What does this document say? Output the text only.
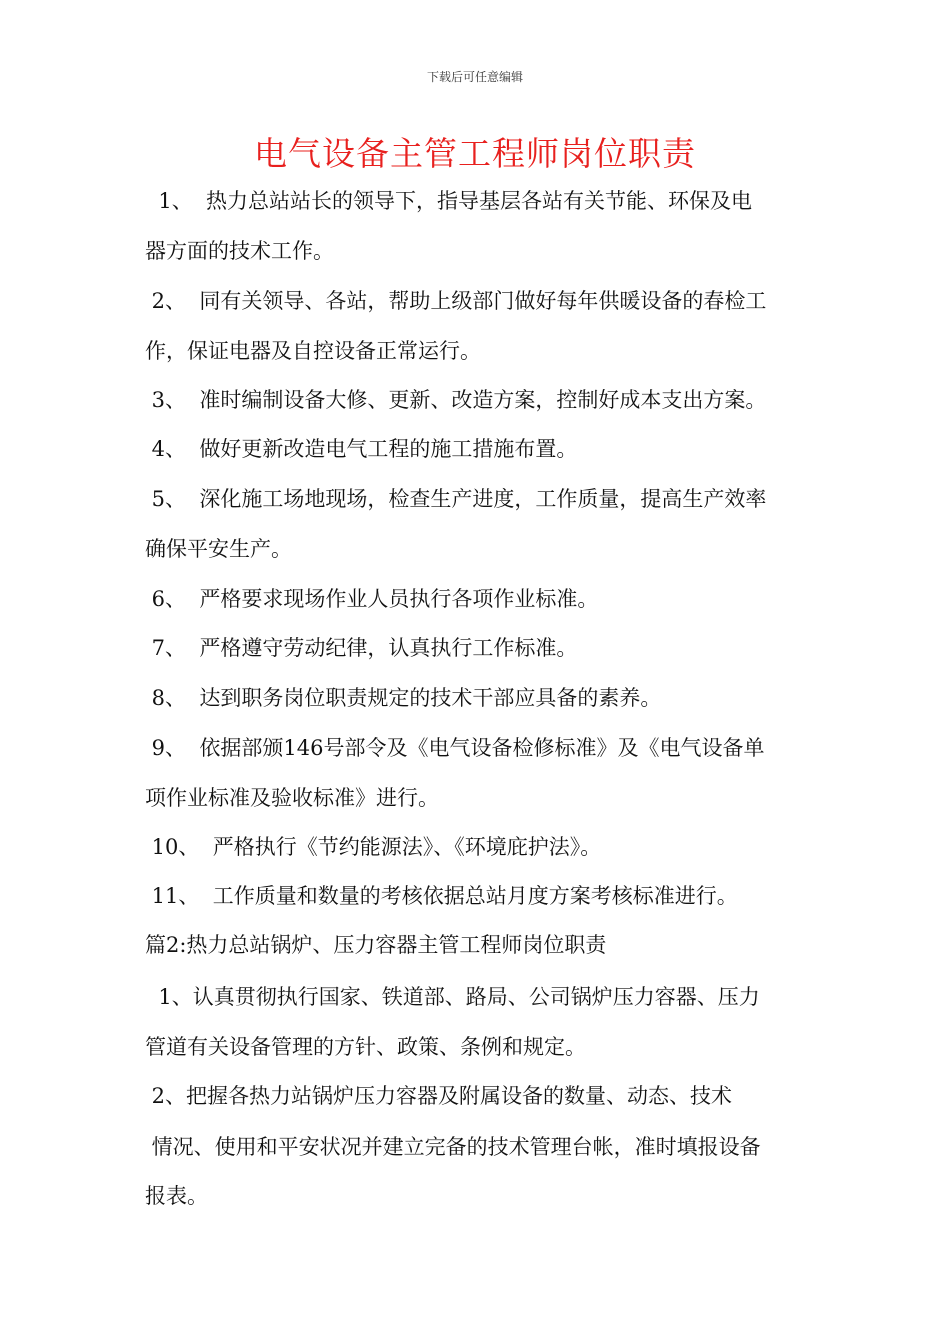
下载后可任意编辑
电气设备主管工程师岗位职责
1、  热力总站站长的领导下，指导基层各站有关节能、环保及电
器方面的技术工作。
2、  同有关领导、各站，帮助上级部门做好每年供暖设备的春检工
作，保证电器及自控设备正常运行。
3、  准时编制设备大修、更新、改造方案，控制好成本支出方案。
4、  做好更新改造电气工程的施工措施布置。
5、  深化施工场地现场，检查生产进度，工作质量，提高生产效率
确保平安生产。
6、  严格要求现场作业人员执行各项作业标准。
7、  严格遵守劳动纪律，认真执行工作标准。
8、  达到职务岗位职责规定的技术干部应具备的素养。
9、  依据部颁146号部令及《电气设备检修标准》及《电气设备单
项作业标准及验收标准》进行。
10、  严格执行《节约能源法》、《环境庇护法》。
11、  工作质量和数量的考核依据总站月度方案考核标准进行。
篇2:热力总站锅炉、压力容器主管工程师岗位职责
1、认真贯彻执行国家、铁道部、路局、公司锅炉压力容器、压力
管道有关设备管理的方针、政策、条例和规定。
2、把握各热力站锅炉压力容器及附属设备的数量、动态、技术
情况、使用和平安状况并建立完备的技术管理台帐，准时填报设备
报表。
